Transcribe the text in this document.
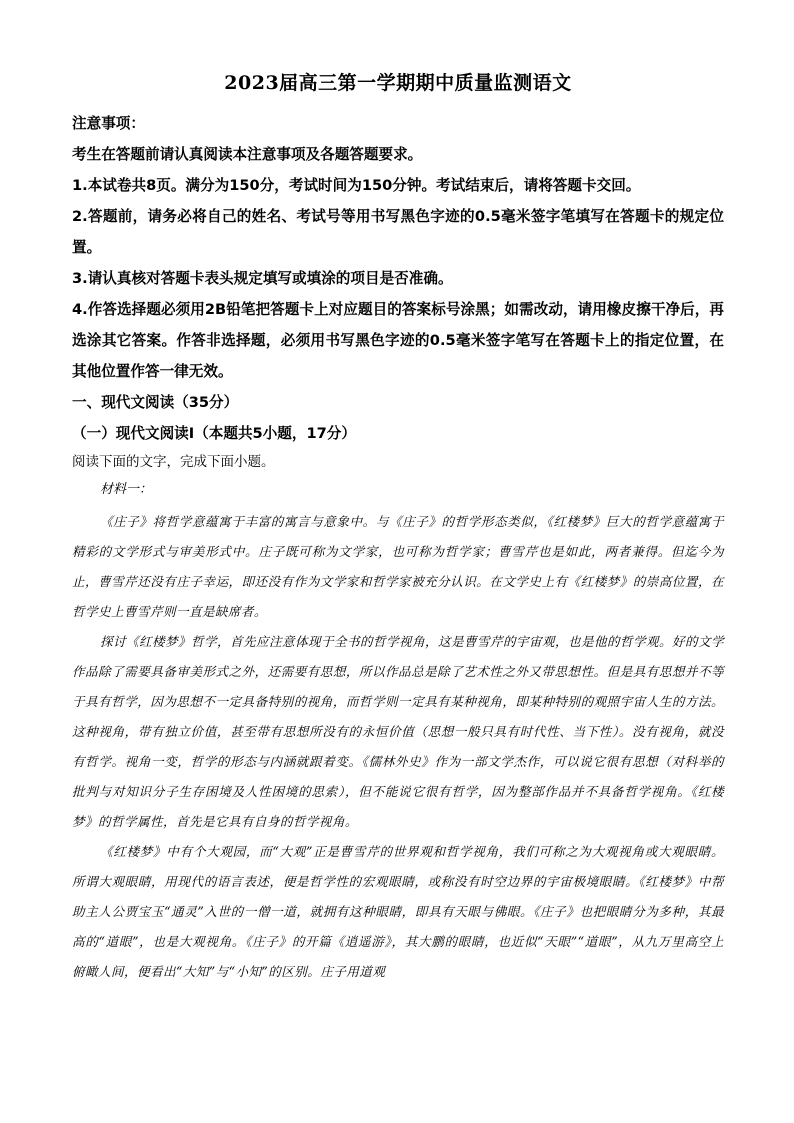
2023届高三第一学期期中质量监测语文

注意事项：

考生在答题前请认真阅读本注意事项及各题答题要求。

1.本试卷共8页。满分为150分，考试时间为150分钟。考试结束后，请将答题卡交回。

2.答题前，请务必将自己的姓名、考试号等用书写黑色字迹的0.5毫米签字笔填写在答题卡的规定位置。

3.请认真核对答题卡表头规定填写或填涂的项目是否准确。

4.作答选择题必须用2B铅笔把答题卡上对应题目的答案标号涂黑；如需改动，请用橡皮擦干净后，再选涂其它答案。作答非选择题，必须用书写黑色字迹的0.5毫米签字笔写在答题卡上的指定位置，在其他位置作答一律无效。

一、现代文阅读（35分）

（一）现代文阅读Ⅰ（本题共5小题，17分）

阅读下面的文字，完成下面小题。

材料一：

《庄子》将哲学意蕴寓于丰富的寓言与意象中。与《庄子》的哲学形态类似，《红楼梦》巨大的哲学意蕴寓于精彩的文学形式与审美形式中。庄子既可称为文学家，也可称为哲学家；曹雪芹也是如此，两者兼得。但迄今为止，曹雪芹还没有庄子幸运，即还没有作为文学家和哲学家被充分认识。在文学史上有《红楼梦》的崇高位置，在哲学史上曹雪芹则一直是缺席者。

探讨《红楼梦》哲学，首先应注意体现于全书的哲学视角，这是曹雪芹的宇宙观，也是他的哲学观。好的文学作品除了需要具备审美形式之外，还需要有思想，所以作品总是除了艺术性之外又带思想性。但是具有思想并不等于具有哲学，因为思想不一定具备特别的视角，而哲学则一定具有某种视角，即某种特别的观照宇宙人生的方法。这种视角，带有独立价值，甚至带有思想所没有的永恒价值（思想一般只具有时代性、当下性）。没有视角，就没有哲学。视角一变，哲学的形态与内涵就跟着变。《儒林外史》作为一部文学杰作，可以说它很有思想（对科举的批判与对知识分子生存困境及人性困境的思索），但不能说它很有哲学，因为整部作品并不具备哲学视角。《红楼梦》的哲学属性，首先是它具有自身的哲学视角。

《红楼梦》中有个大观园，而“大观”正是曹雪芹的世界观和哲学视角，我们可称之为大观视角或大观眼睛。所谓大观眼睛，用现代的语言表述，便是哲学性的宏观眼睛，或称没有时空边界的宇宙极境眼睛。《红楼梦》中帮助主人公贾宝玉“通灵”入世的一僧一道，就拥有这种眼睛，即具有天眼与佛眼。《庄子》也把眼睛分为多种，其最高的“道眼”，也是大观视角。《庄子》的开篇《逍遥游》，其大鹏的眼睛，也近似“天眼”“道眼”，从九万里高空上俯瞰人间，便看出“大知”与“小知”的区别。庄子用道观
